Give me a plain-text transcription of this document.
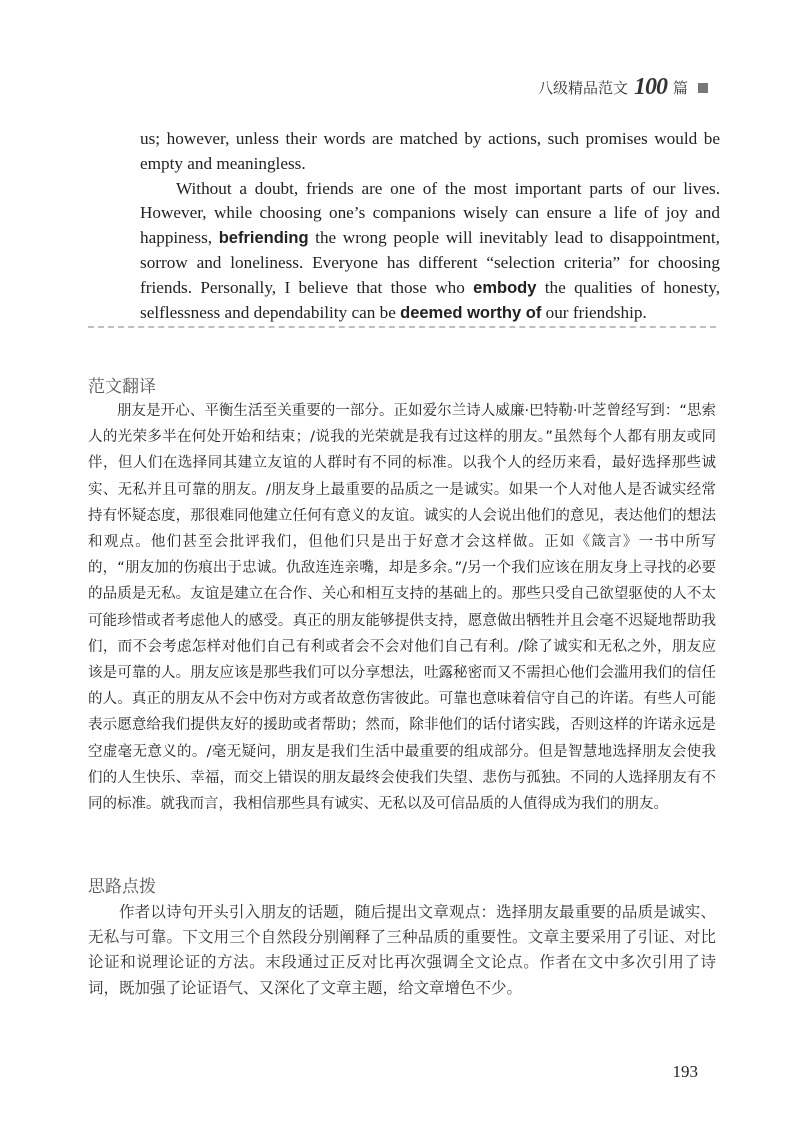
八级精品范文 100 篇

us; however, unless their words are matched by actions, such promises would be empty and meaningless.

Without a doubt, friends are one of the most important parts of our lives. However, while choosing one’s companions wisely can ensure a life of joy and happiness, befriending the wrong people will inevitably lead to disappointment, sorrow and loneliness. Everyone has different “selection criteria” for choosing friends. Personally, I believe that those who embody the qualities of honesty, selflessness and dependability can be deemed worthy of our friendship.

范文翻译

朋友是开心、平衡生活至关重要的一部分。正如爱尔兰诗人威廉·巴特勒·叶芝曾经写到：“思索人的光荣多半在何处开始和结束；/说我的光荣就是我有过这样的朋友。”虽然每个人都有朋友或同伴，但人们在选择同其建立友谊的人群时有不同的标准。以我个人的经历来看，最好选择那些诚实、无私并且可靠的朋友。/朋友身上最重要的品质之一是诚实。如果一个人对他人是否诚实经常持有怀疑态度，那很难同他建立任何有意义的友谊。诚实的人会说出他们的意见，表达他们的想法和观点。他们甚至会批评我们，但他们只是出于好意才会这样做。正如《箴言》一书中所写的，“朋友加的伤痕出于忠诚。仇敌连连亲嘴，却是多余。”/另一个我们应该在朋友身上寻找的必要的品质是无私。友谊是建立在合作、关心和相互支持的基础上的。那些只受自己欲望驱使的人不太可能珍惜或者考虑他人的感受。真正的朋友能够提供支持，愿意做出牺牲并且会毫不迟疑地帮助我们，而不会考虑怎样对他们自己有利或者会不会对他们自己有利。/除了诚实和无私之外，朋友应该是可靠的人。朋友应该是那些我们可以分享想法，吐露秘密而又不需担心他们会滥用我们的信任的人。真正的朋友从不会中伤对方或者故意伤害彼此。可靠也意味着信守自己的许诺。有些人可能表示愿意给我们提供友好的援助或者帮助；然而，除非他们的话付诸实践，否则这样的许诺永远是空虚毫无意义的。/毫无疑问，朋友是我们生活中最重要的组成部分。但是智慧地选择朋友会使我们的人生快乐、幸福，而交上错误的朋友最终会使我们失望、悲伤与孤独。不同的人选择朋友有不同的标准。就我而言，我相信那些具有诚实、无私以及可信品质的人值得成为我们的朋友。

思路点拨

作者以诗句开头引入朋友的话题，随后提出文章观点：选择朋友最重要的品质是诚实、无私与可靠。下文用三个自然段分别阐释了三种品质的重要性。文章主要采用了引证、对比论证和说理论证的方法。末段通过正反对比再次强调全文论点。作者在文中多次引用了诗词，既加强了论证语气、又深化了文章主题，给文章增色不少。

193
